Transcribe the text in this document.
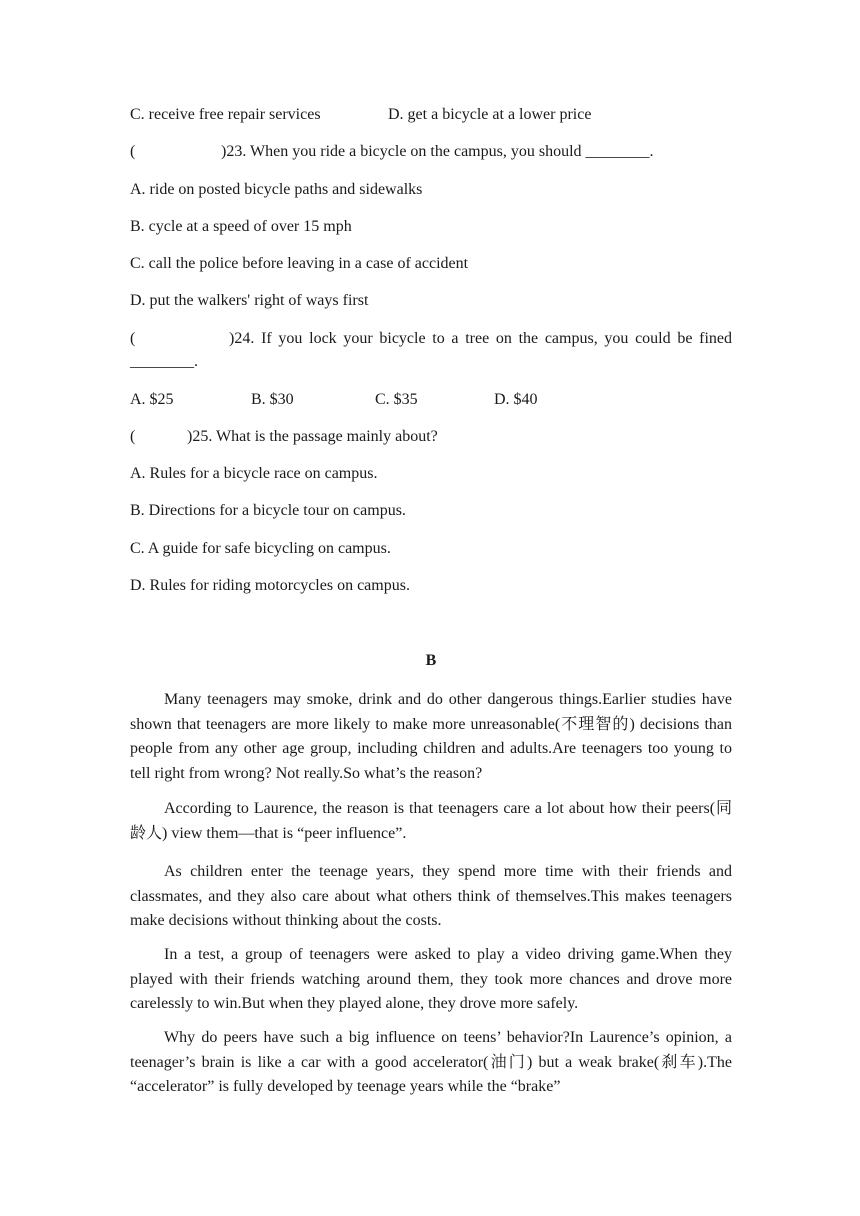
C. receive free repair services	D. get a bicycle at a lower price
(	)23. When you ride a bicycle on the campus, you should ________.
A. ride on posted bicycle paths and sidewalks
B. cycle at a speed of over 15 mph
C. call the police before leaving in a case of accident
D. put the walkers' right of ways first
(              )24. If you lock your bicycle to a tree on the campus, you could be fined
________.
A. $25	B. $30	C. $35	D. $40
(	)25. What is the passage mainly about?
A. Rules for a bicycle race on campus.
B. Directions for a bicycle tour on campus.
C. A guide for safe bicycling on campus.
D. Rules for riding motorcycles on campus.
B
Many teenagers may smoke, drink and do other dangerous things.Earlier studies have shown that teenagers are more likely to make more unreasonable(不理智的) decisions than people from any other age group, including children and adults.Are teenagers too young to tell right from wrong? Not really.So what’s the reason?
According to Laurence, the reason is that teenagers care a lot about how their peers(同龄人) view them—that is “peer influence”.
As children enter the teenage years, they spend more time with their friends and classmates, and they also care about what others think of themselves.This makes teenagers make decisions without thinking about the costs.
In a test, a group of teenagers were asked to play a video driving game.When they played with their friends watching around them, they took more chances and drove more carelessly to win.But when they played alone, they drove more safely.
Why do peers have such a big influence on teens’ behavior?In Laurence’s opinion, a teenager’s brain is like a car with a good accelerator(油门) but a weak brake(刹车).The “accelerator” is fully developed by teenage years while the “brake”
